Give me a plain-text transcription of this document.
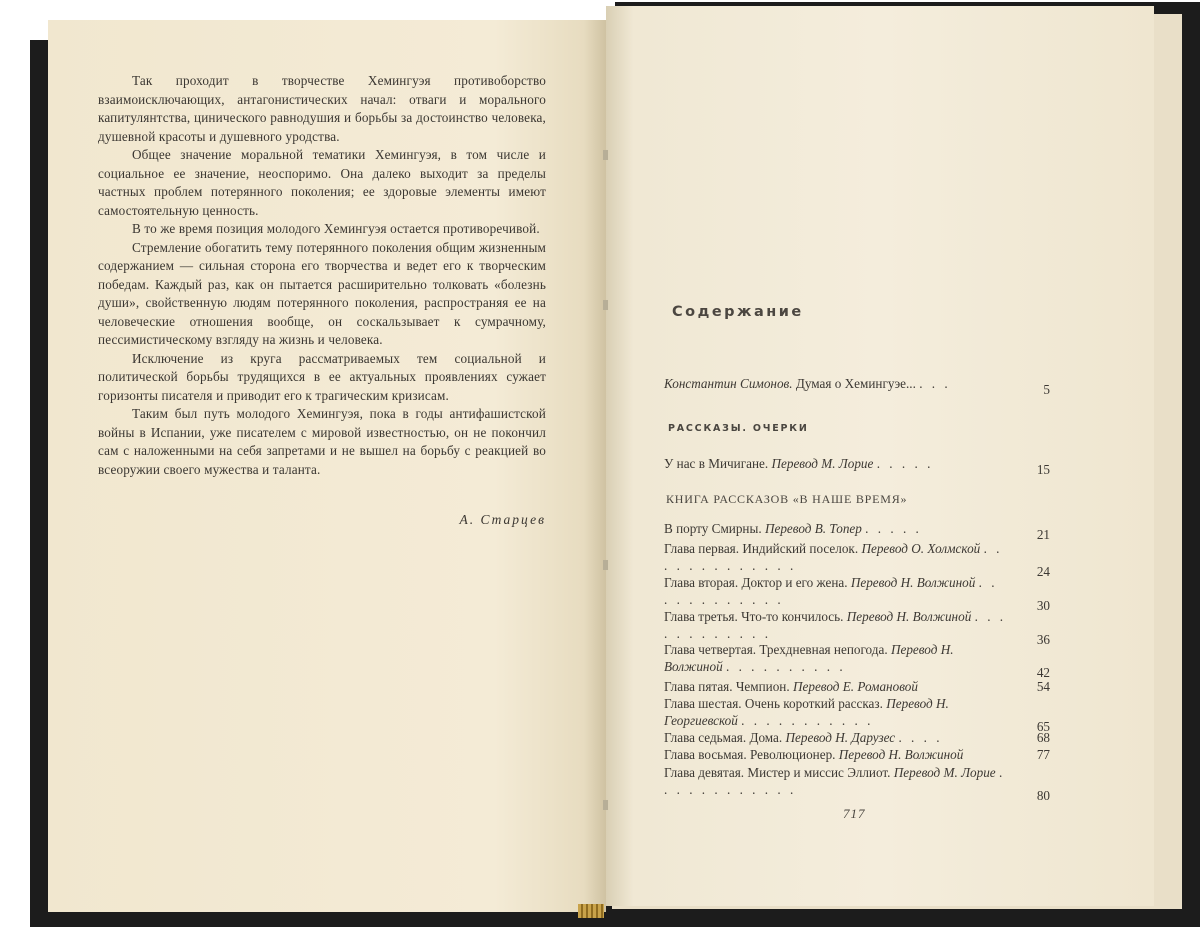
Так проходит в творчестве Хемингуэя противоборство взаимоисключающих, антагонистических начал: отваги и морального капитулянтства, цинического равнодушия и борьбы за достоинство человека, душевной красоты и душевного уродства.

Общее значение моральной тематики Хемингуэя, в том числе и социальное ее значение, неоспоримо. Она далеко выходит за пределы частных проблем потерянного поколения; ее здоровые элементы имеют самостоятельную ценность.

В то же время позиция молодого Хемингуэя остается противоречивой.

Стремление обогатить тему потерянного поколения общим жизненным содержанием — сильная сторона его творчества и ведет его к творческим победам. Каждый раз, как он пытается расширительно толковать «болезнь души», свойственную людям потерянного поколения, распространяя ее на человеческие отношения вообще, он соскальзывает к сумрачному, пессимистическому взгляду на жизнь и человека.

Исключение из круга рассматриваемых тем социальной и политической борьбы трудящихся в ее актуальных проявлениях сужает горизонты писателя и приводит его к трагическим кризисам.

Таким был путь молодого Хемингуэя, пока в годы антифашистской войны в Испании, уже писателем с мировой известностью, он не покончил сам с наложенными на себя запретами и не вышел на борьбу с реакцией во всеоружии своего мужества и таланта.

А. Старцев
Содержание
Константин Симонов. Думая о Хемингуэе... . . .	5
РАССКАЗЫ. ОЧЕРКИ
У нас в Мичигане. Перевод М. Лорие . . . . .	15
КНИГА РАССКАЗОВ «В НАШЕ ВРЕМЯ»
В порту Смирны. Перевод В. Топер . . . . .	21
Глава первая. Индийский поселок. Перевод О. Холмской . . . . . . . . . . . . .	24
Глава вторая. Доктор и его жена. Перевод Н. Волжиной . . . . . . . . . . . .	30
Глава третья. Что-то кончилось. Перевод Н. Волжиной . . . . . . . . . . . .	36
Глава четвертая. Трехдневная непогода. Перевод Н. Волжиной . . . . . . . . . .	42
Глава пятая. Чемпион. Перевод Е. Романовой	54
Глава шестая. Очень короткий рассказ. Перевод Н. Георгиевской . . . . . . . . . . .	65
Глава седьмая. Дома. Перевод Н. Дарузес . . . .	68
Глава восьмая. Революционер. Перевод Н. Волжиной	77
Глава девятая. Мистер и миссис Эллиот. Перевод М. Лорие . . . . . . . . . . . .	80
717
